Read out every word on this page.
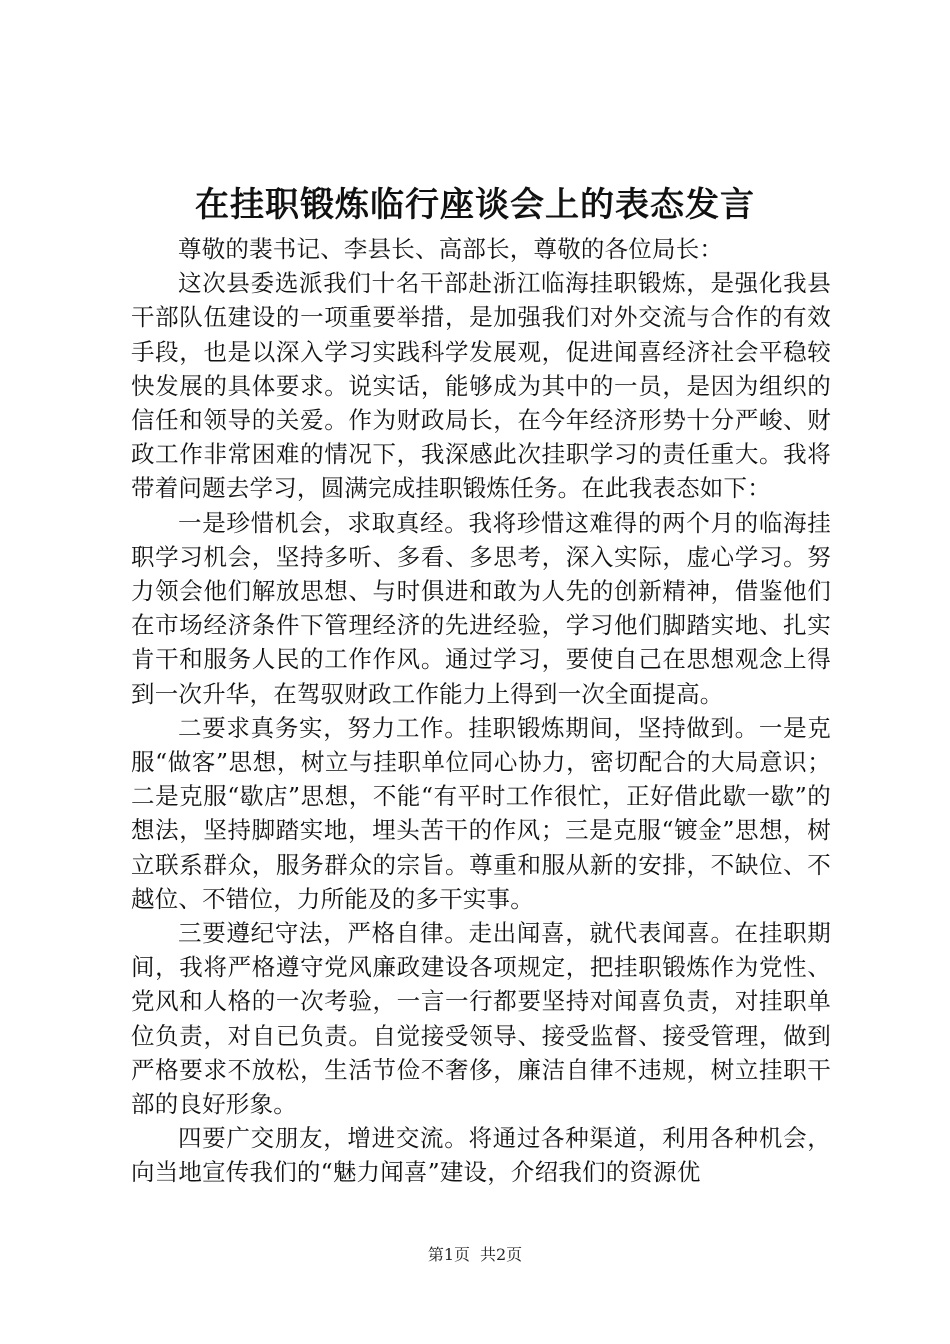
在挂职锻炼临行座谈会上的表态发言

尊敬的裴书记、李县长、高部长，尊敬的各位局长：

这次县委选派我们十名干部赴浙江临海挂职锻炼，是强化我县干部队伍建设的一项重要举措，是加强我们对外交流与合作的有效手段，也是以深入学习实践科学发展观，促进闻喜经济社会平稳较快发展的具体要求。说实话，能够成为其中的一员，是因为组织的信任和领导的关爱。作为财政局长，在今年经济形势十分严峻、财政工作非常困难的情况下，我深感此次挂职学习的责任重大。我将带着问题去学习，圆满完成挂职锻炼任务。在此我表态如下：

一是珍惜机会，求取真经。我将珍惜这难得的两个月的临海挂职学习机会，坚持多听、多看、多思考，深入实际，虚心学习。努力领会他们解放思想、与时俱进和敢为人先的创新精神，借鉴他们在市场经济条件下管理经济的先进经验，学习他们脚踏实地、扎实肯干和服务人民的工作作风。通过学习，要使自己在思想观念上得到一次升华，在驾驭财政工作能力上得到一次全面提高。

二要求真务实，努力工作。挂职锻炼期间，坚持做到。一是克服“做客”思想，树立与挂职单位同心协力，密切配合的大局意识；二是克服“歇店”思想，不能“有平时工作很忙，正好借此歇一歇”的想法，坚持脚踏实地，埋头苦干的作风；三是克服“镀金”思想，树立联系群众，服务群众的宗旨。尊重和服从新的安排，不缺位、不越位、不错位，力所能及的多干实事。

三要遵纪守法，严格自律。走出闻喜，就代表闻喜。在挂职期间，我将严格遵守党风廉政建设各项规定，把挂职锻炼作为党性、党风和人格的一次考验，一言一行都要坚持对闻喜负责，对挂职单位负责，对自已负责。自觉接受领导、接受监督、接受管理，做到严格要求不放松，生活节俭不奢侈，廉洁自律不违规，树立挂职干部的良好形象。

四要广交朋友，增进交流。将通过各种渠道，利用各种机会，向当地宣传我们的“魅力闻喜”建设，介绍我们的资源优

第1页 共2页
